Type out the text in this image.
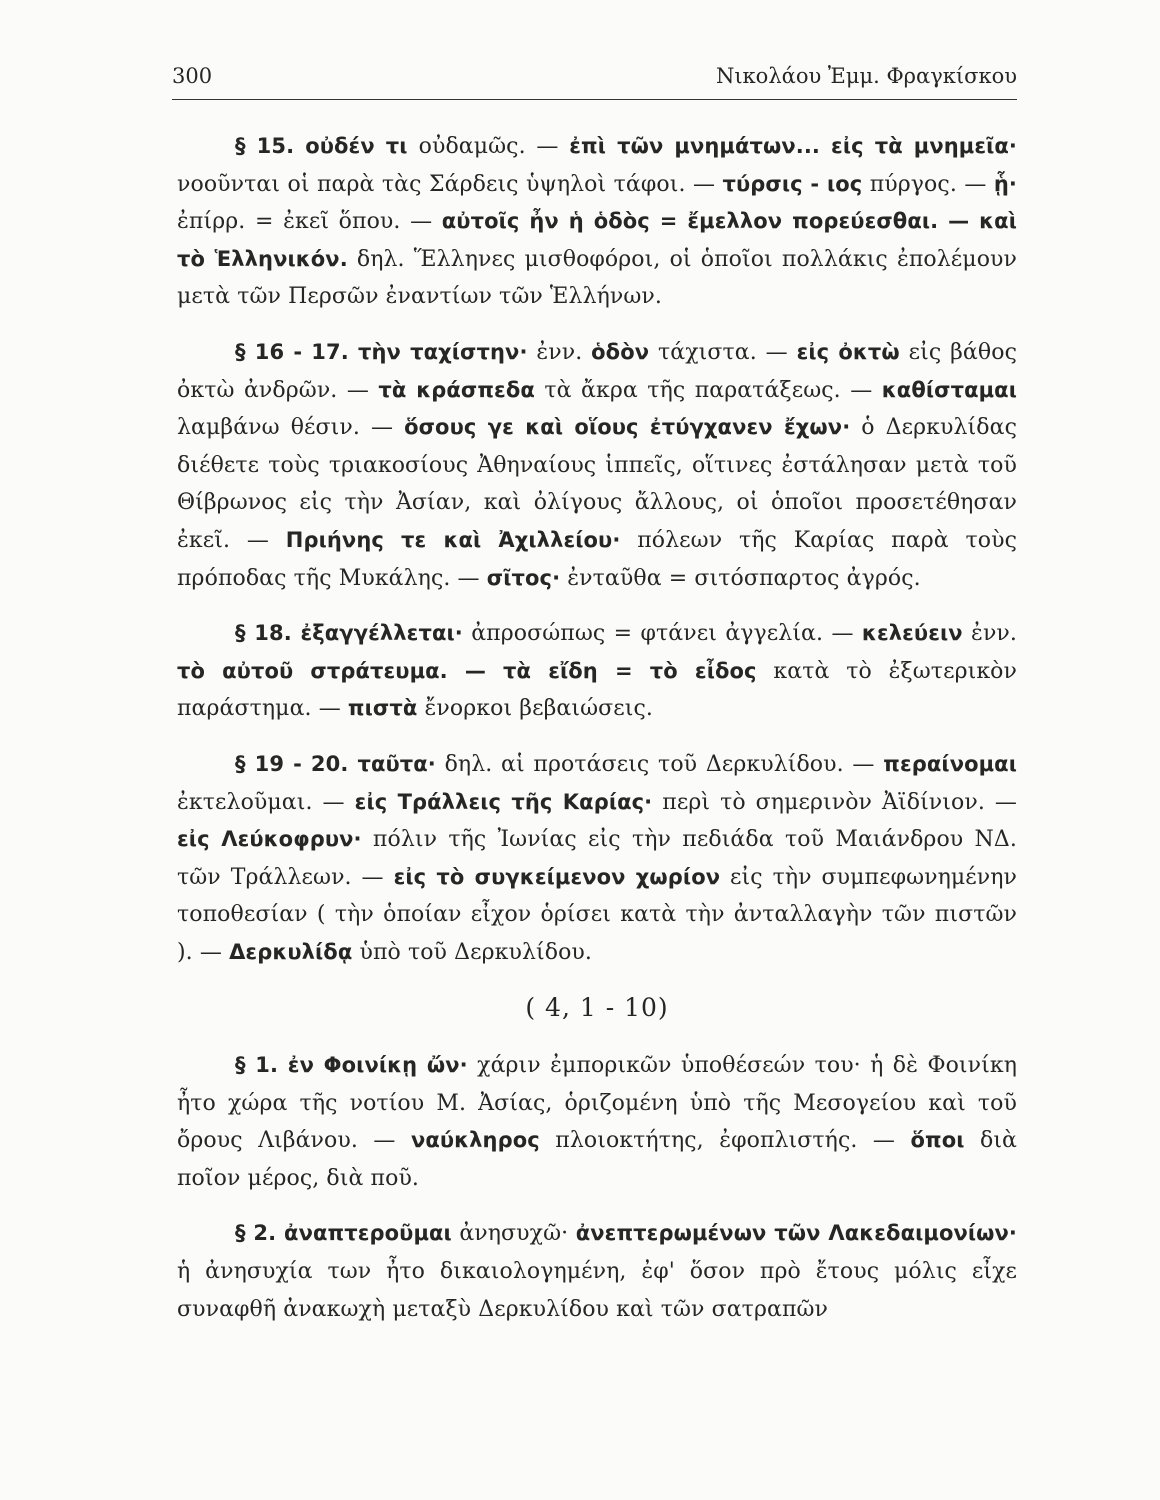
300	Νικολάου Ἐμμ. Φραγκίσκου

§ 15. οὐδέν τι οὐδαμῶς. — ἐπὶ τῶν μνημάτων... εἰς τὰ μνημεῖα· νοοῦνται οἱ παρὰ τὰς Σάρδεις ὑψηλοὶ τάφοι. — τύρσις - ιος πύργος. — ᾗ· ἐπίρρ. = ἐκεῖ ὅπου. — αὐτοῖς ἦν ἡ ὁδὸς = ἔμελλον πορεύεσθαι. — καὶ τὸ Ἑλληνικόν. δηλ. Ἕλληνες μισθοφόροι, οἱ ὁποῖοι πολλάκις ἐπολέμουν μετὰ τῶν Περσῶν ἐναντίων τῶν Ἑλλήνων.

§ 16 - 17. τὴν ταχίστην· ἐνν. ὁδὸν τάχιστα. — εἰς ὀκτὼ εἰς βάθος ὀκτὼ ἀνδρῶν. — τὰ κράσπεδα τὰ ἄκρα τῆς παρατάξεως. — καθίσταμαι λαμβάνω θέσιν. — ὅσους γε καὶ οἵους ἐτύγχανεν ἔχων· ὁ Δερκυλίδας διέθετε τοὺς τριακοσίους Ἀθηναίους ἱππεῖς, οἵτινες ἐστάλησαν μετὰ τοῦ Θίβρωνος εἰς τὴν Ἀσίαν, καὶ ὀλίγους ἄλλους, οἱ ὁποῖοι προσετέθησαν ἐκεῖ. — Πριήνης τε καὶ Ἀχιλλείου· πόλεων τῆς Καρίας παρὰ τοὺς πρόποδας τῆς Μυκάλης. — σῖτος· ἐνταῦθα = σιτόσπαρτος ἀγρός.

§ 18. ἐξαγγέλλεται· ἀπροσώπως = φτάνει ἀγγελία. — κελεύειν ἐνν. τὸ αὐτοῦ στράτευμα. — τὰ εἴδη = τὸ εἶδος κατὰ τὸ ἐξωτερικὸν παράστημα. — πιστὰ ἔνορκοι βεβαιώσεις.

§ 19 - 20. ταῦτα· δηλ. αἱ προτάσεις τοῦ Δερκυλίδου. — περαίνομαι ἐκτελοῦμαι. — εἰς Τράλλεις τῆς Καρίας· περὶ τὸ σημερινὸν Ἀϊδίνιον. — εἰς Λεύκοφρυν· πόλιν τῆς Ἰωνίας εἰς τὴν πεδιάδα τοῦ Μαιάνδρου ΝΔ. τῶν Τράλλεων. — εἰς τὸ συγκείμενον χωρίον εἰς τὴν συμπεφωνημένην τοποθεσίαν ( τὴν ὁποίαν εἶχον ὁρίσει κατὰ τὴν ἀνταλλαγὴν τῶν πιστῶν ). — Δερκυλίδᾳ ὑπὸ τοῦ Δερκυλίδου.

( 4, 1 - 10)

§ 1. ἐν Φοινίκῃ ὤν· χάριν ἐμπορικῶν ὑποθέσεών του· ἡ δὲ Φοινίκη ἦτο χώρα τῆς νοτίου Μ. Ἀσίας, ὁριζομένη ὑπὸ τῆς Μεσογείου καὶ τοῦ ὄρους Λιβάνου. — ναύκληρος πλοιοκτήτης, ἐφοπλιστής. — ὅποι διὰ ποῖον μέρος, διὰ ποῦ.

§ 2. ἀναπτεροῦμαι ἀνησυχῶ· ἀνεπτερωμένων τῶν Λακεδαιμονίων· ἡ ἀνησυχία των ἦτο δικαιολογημένη, ἐφ' ὅσον πρὸ ἔτους μόλις εἶχε συναφθῆ ἀνακωχὴ μεταξὺ Δερκυλίδου καὶ τῶν σατραπῶν
